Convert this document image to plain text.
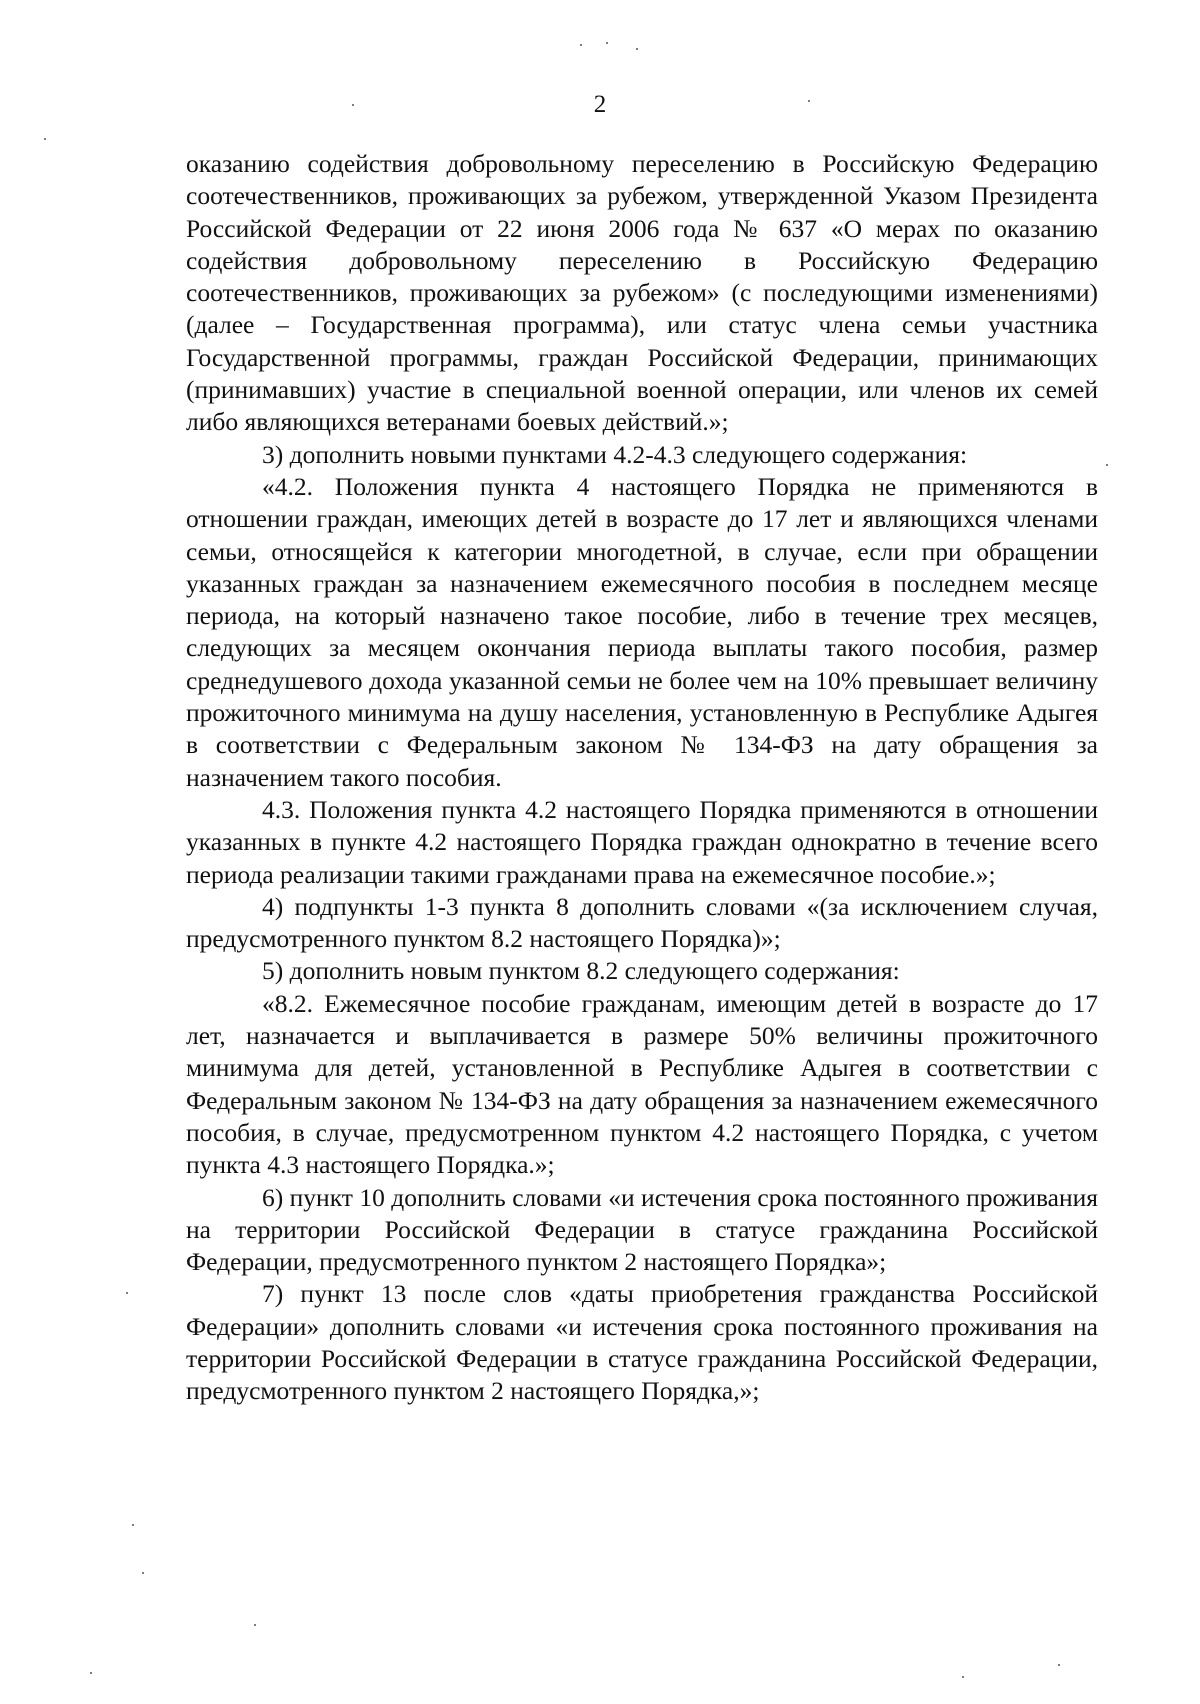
2

оказанию содействия добровольному переселению в Российскую Федерацию соотечественников, проживающих за рубежом, утвержденной Указом Президента Российской Федерации от 22 июня 2006 года № 637 «О мерах по оказанию содействия добровольному переселению в Российскую Федерацию соотечественников, проживающих за рубежом» (с последующими изменениями) (далее – Государственная программа), или статус члена семьи участника Государственной программы, граждан Российской Федерации, принимающих (принимавших) участие в специальной военной операции, или членов их семей либо являющихся ветеранами боевых действий.»;

3) дополнить новыми пунктами 4.2-4.3 следующего содержания:

«4.2. Положения пункта 4 настоящего Порядка не применяются в отношении граждан, имеющих детей в возрасте до 17 лет и являющихся членами семьи, относящейся к категории многодетной, в случае, если при обращении указанных граждан за назначением ежемесячного пособия в последнем месяце периода, на который назначено такое пособие, либо в течение трех месяцев, следующих за месяцем окончания периода выплаты такого пособия, размер среднедушевого дохода указанной семьи не более чем на 10% превышает величину прожиточного минимума на душу населения, установленную в Республике Адыгея в соответствии с Федеральным законом № 134-ФЗ на дату обращения за назначением такого пособия.

4.3. Положения пункта 4.2 настоящего Порядка применяются в отношении указанных в пункте 4.2 настоящего Порядка граждан однократно в течение всего периода реализации такими гражданами права на ежемесячное пособие.»;

4) подпункты 1-3 пункта 8 дополнить словами «(за исключением случая, предусмотренного пунктом 8.2 настоящего Порядка)»;

5) дополнить новым пунктом 8.2 следующего содержания:

«8.2. Ежемесячное пособие гражданам, имеющим детей в возрасте до 17 лет, назначается и выплачивается в размере 50% величины прожиточного минимума для детей, установленной в Республике Адыгея в соответствии с Федеральным законом № 134-ФЗ на дату обращения за назначением ежемесячного пособия, в случае, предусмотренном пунктом 4.2 настоящего Порядка, с учетом пункта 4.3 настоящего Порядка.»;

6) пункт 10 дополнить словами «и истечения срока постоянного проживания на территории Российской Федерации в статусе гражданина Российской Федерации, предусмотренного пунктом 2 настоящего Порядка»;

7) пункт 13 после слов «даты приобретения гражданства Российской Федерации» дополнить словами «и истечения срока постоянного проживания на территории Российской Федерации в статусе гражданина Российской Федерации, предусмотренного пунктом 2 настоящего Порядка,»;
